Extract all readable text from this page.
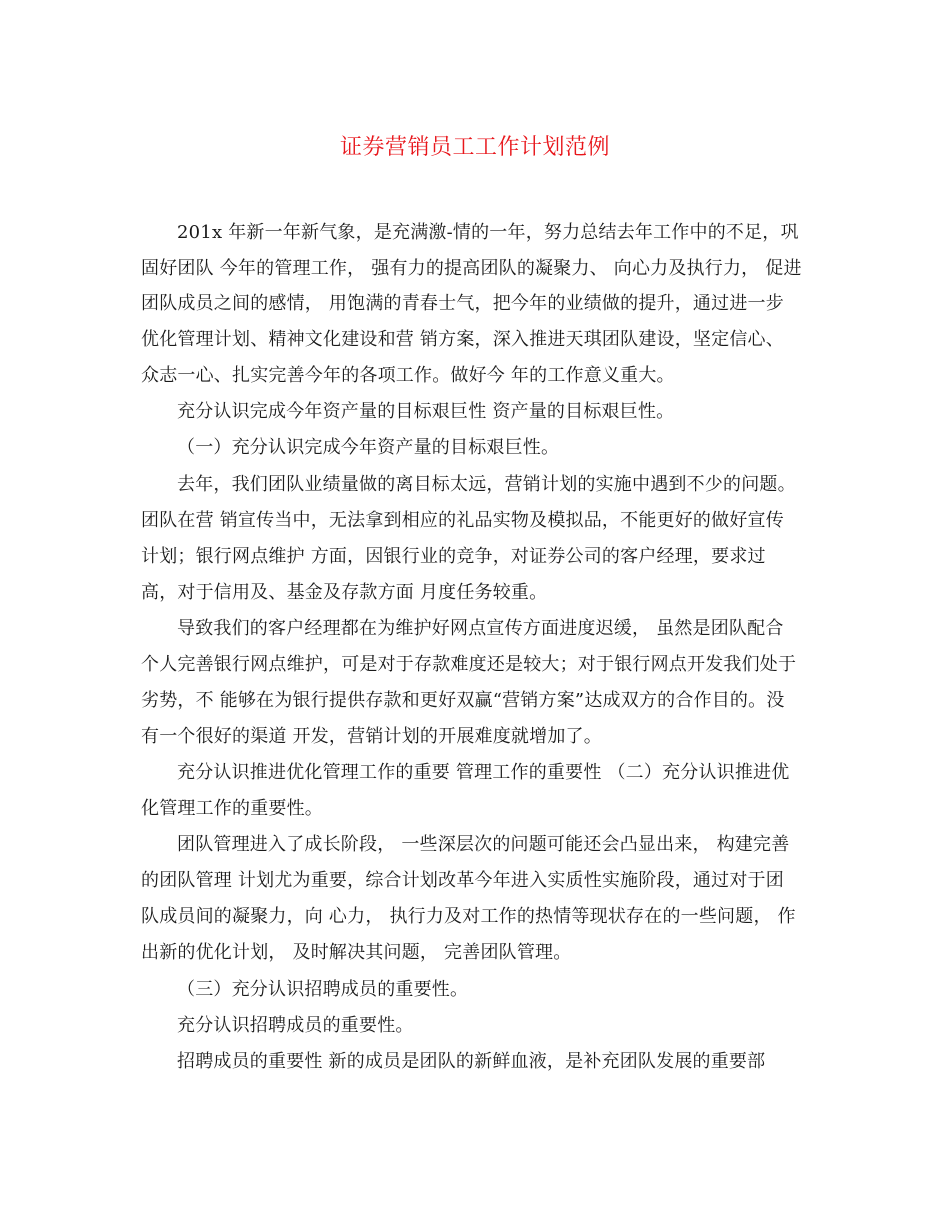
证券营销员工工作计划范例
201x 年新一年新气象，是充满激-情的一年，努力总结去年工作中的不足，巩
固好团队 今年的管理工作， 强有力的提高团队的凝聚力、 向心力及执行力， 促进
团队成员之间的感情， 用饱满的青春士气，把今年的业绩做的提升，通过进一步
优化管理计划、精神文化建设和营 销方案，深入推进天琪团队建设，坚定信心、
众志一心、扎实完善今年的各项工作。做好今 年的工作意义重大。
充分认识完成今年资产量的目标艰巨性 资产量的目标艰巨性。
（一）充分认识完成今年资产量的目标艰巨性。
去年，我们团队业绩量做的离目标太远，营销计划的实施中遇到不少的问题。
团队在营 销宣传当中，无法拿到相应的礼品实物及模拟品，不能更好的做好宣传
计划；银行网点维护 方面，因银行业的竞争，对证券公司的客户经理，要求过
高，对于信用及、基金及存款方面 月度任务较重。
导致我们的客户经理都在为维护好网点宣传方面进度迟缓， 虽然是团队配合
个人完善银行网点维护，可是对于存款难度还是较大；对于银行网点开发我们处于
劣势，不 能够在为银行提供存款和更好双赢“营销方案”达成双方的合作目的。没
有一个很好的渠道 开发，营销计划的开展难度就增加了。
充分认识推进优化管理工作的重要 管理工作的重要性 （二）充分认识推进优
化管理工作的重要性。
团队管理进入了成长阶段， 一些深层次的问题可能还会凸显出来， 构建完善
的团队管理 计划尤为重要，综合计划改革今年进入实质性实施阶段，通过对于团
队成员间的凝聚力，向 心力， 执行力及对工作的热情等现状存在的一些问题， 作
出新的优化计划， 及时解决其问题， 完善团队管理。
（三）充分认识招聘成员的重要性。
充分认识招聘成员的重要性。
招聘成员的重要性 新的成员是团队的新鲜血液，是补充团队发展的重要部
